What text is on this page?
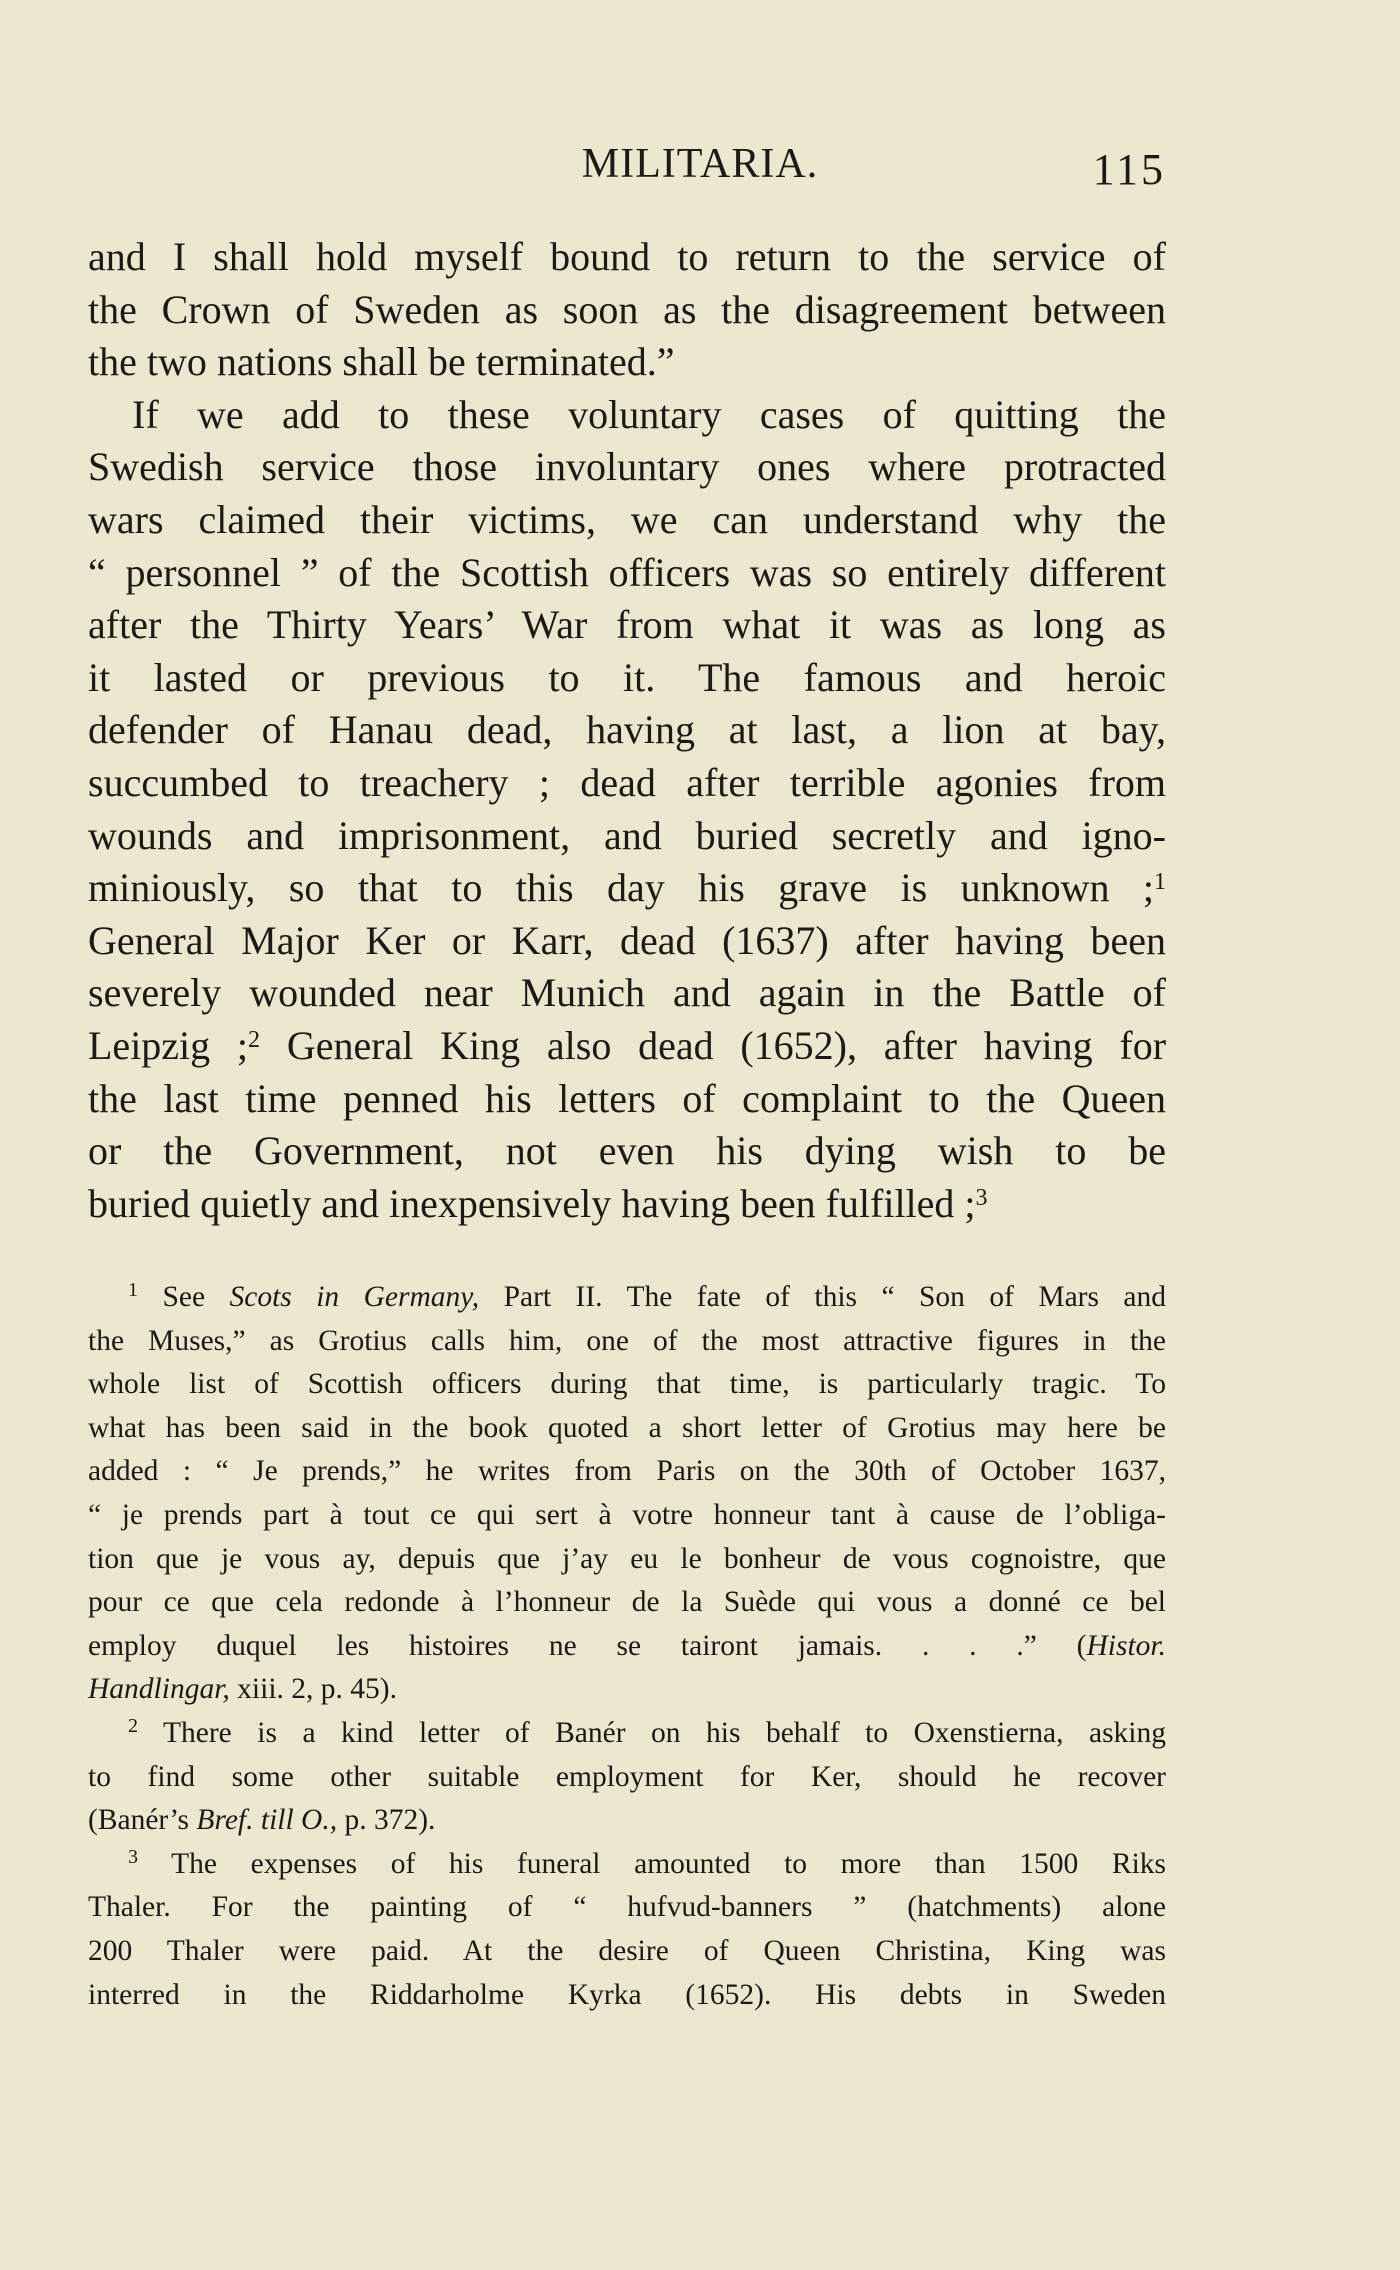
MILITARIA.	115
and I shall hold myself bound to return to the service of
the Crown of Sweden as soon as the disagreement between
the two nations shall be terminated.”
If we add to these voluntary cases of quitting the
Swedish service those involuntary ones where protracted
wars claimed their victims, we can understand why the
“ personnel ” of the Scottish officers was so entirely different
after the Thirty Years’ War from what it was as long as
it lasted or previous to it. The famous and heroic
defender of Hanau dead, having at last, a lion at bay,
succumbed to treachery ; dead after terrible agonies from
wounds and imprisonment, and buried secretly and igno-
miniously, so that to this day his grave is unknown ;$^1$
General Major Ker or Karr, dead (1637) after having been
severely wounded near Munich and again in the Battle of
Leipzig ;$^2$ General King also dead (1652), after having for
the last time penned his letters of complaint to the Queen
or the Government, not even his dying wish to be
buried quietly and inexpensively having been fulfilled ;$^3$
$^1$ See Scots in Germany, Part II. The fate of this “ Son of Mars and
the Muses,” as Grotius calls him, one of the most attractive figures in the
whole list of Scottish officers during that time, is particularly tragic. To
what has been said in the book quoted a short letter of Grotius may here be
added : “ Je prends,” he writes from Paris on the 30th of October 1637,
“ je prends part à tout ce qui sert à votre honneur tant à cause de l’obliga-
tion que je vous ay, depuis que j’ay eu le bonheur de vous cognoistre, que
pour ce que cela redonde à l’honneur de la Suède qui vous a donné ce bel
employ duquel les histoires ne se tairont jamais. . . .” (Histor.
Handlingar, xiii. 2, p. 45).
$^2$ There is a kind letter of Banér on his behalf to Oxenstierna, asking
to find some other suitable employment for Ker, should he recover
(Banér’s Bref. till O., p. 372).
$^3$ The expenses of his funeral amounted to more than 1500 Riks
Thaler. For the painting of “ hufvud-banners ” (hatchments) alone
200 Thaler were paid. At the desire of Queen Christina, King was
interred in the Riddarholme Kyrka (1652). His debts in Sweden
